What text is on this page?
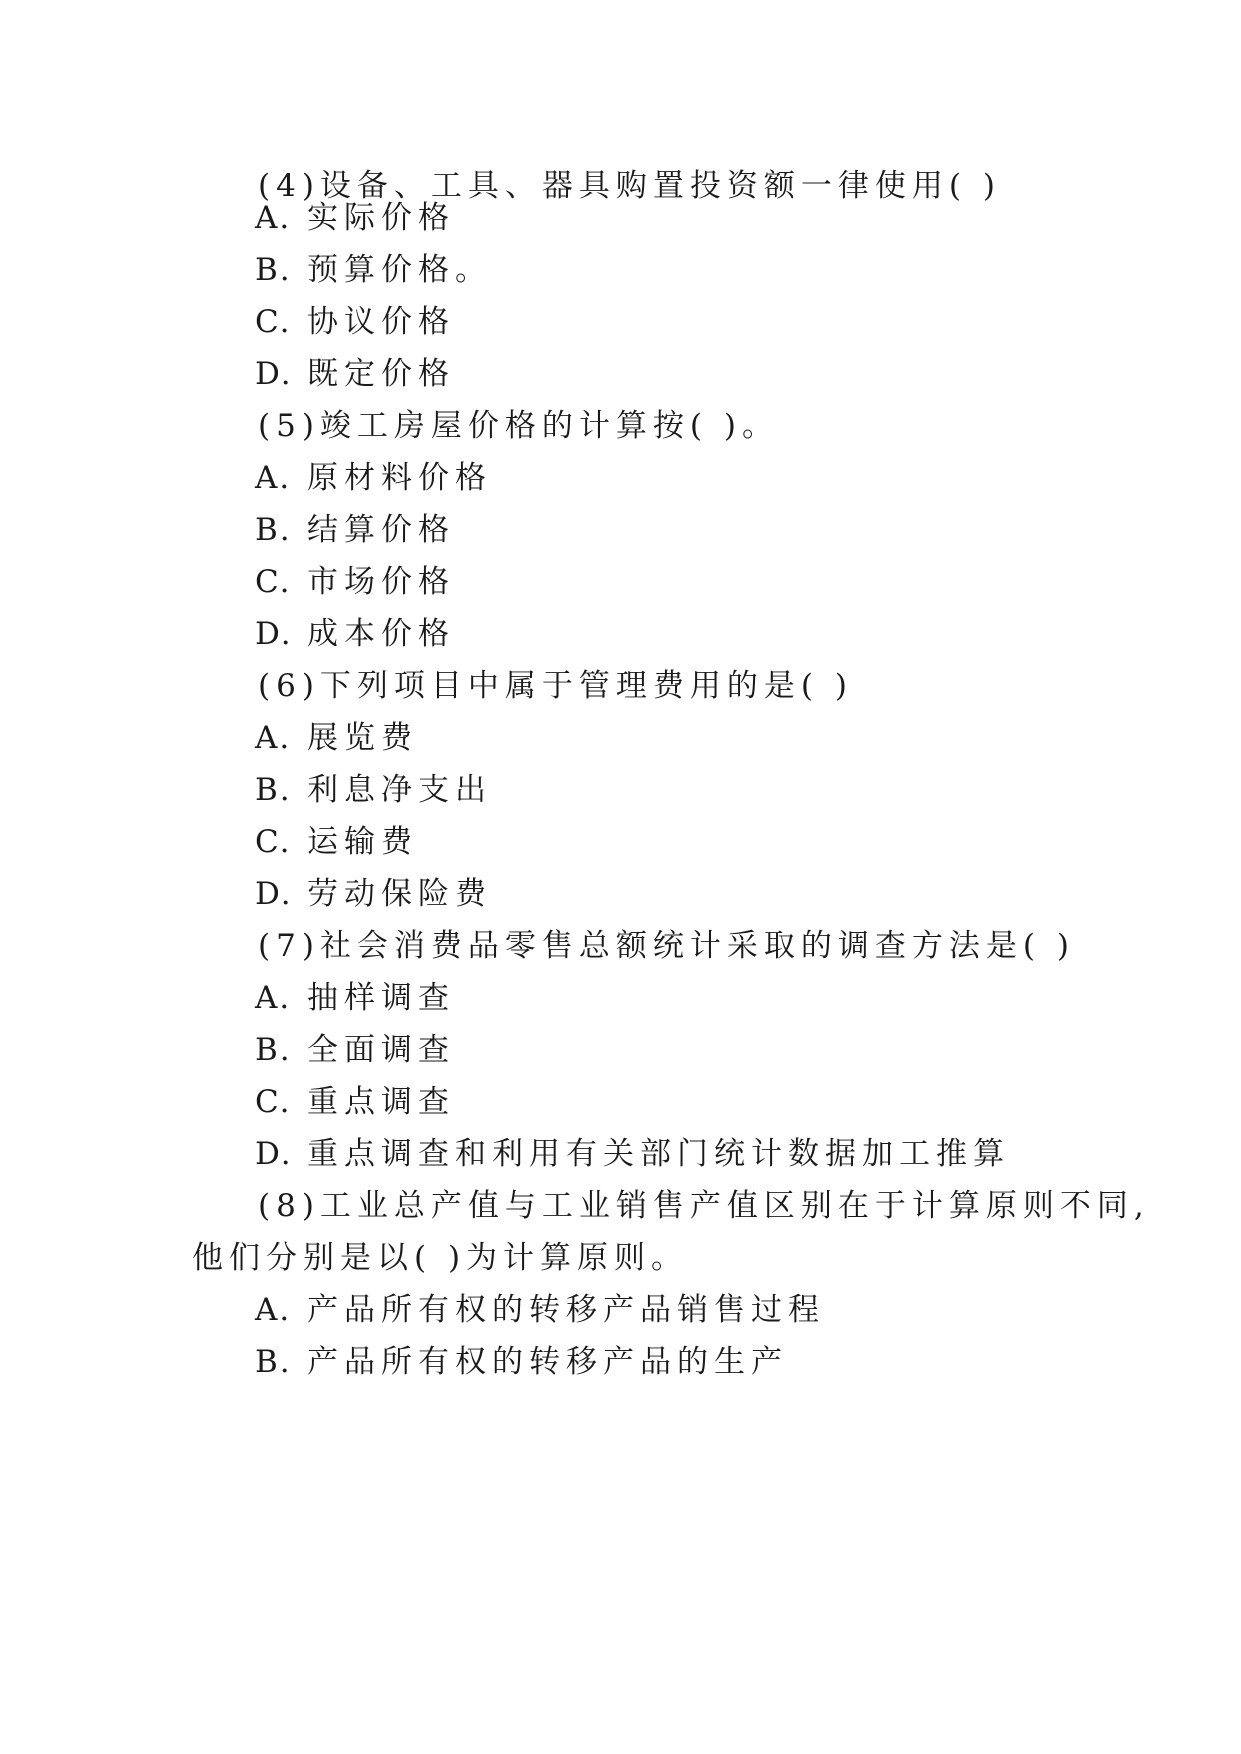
(4)设备、工具、器具购置投资额一律使用( )
A. 实际价格
B. 预算价格。
C. 协议价格
D. 既定价格
(5)竣工房屋价格的计算按( )。
A. 原材料价格
B. 结算价格
C. 市场价格
D. 成本价格
(6)下列项目中属于管理费用的是( )
A. 展览费
B. 利息净支出
C. 运输费
D. 劳动保险费
(7)社会消费品零售总额统计采取的调查方法是( )
A. 抽样调查
B. 全面调查
C. 重点调查
D. 重点调查和利用有关部门统计数据加工推算
(8)工业总产值与工业销售产值区别在于计算原则不同,
他们分别是以( )为计算原则。
A. 产品所有权的转移产品销售过程
B. 产品所有权的转移产品的生产
